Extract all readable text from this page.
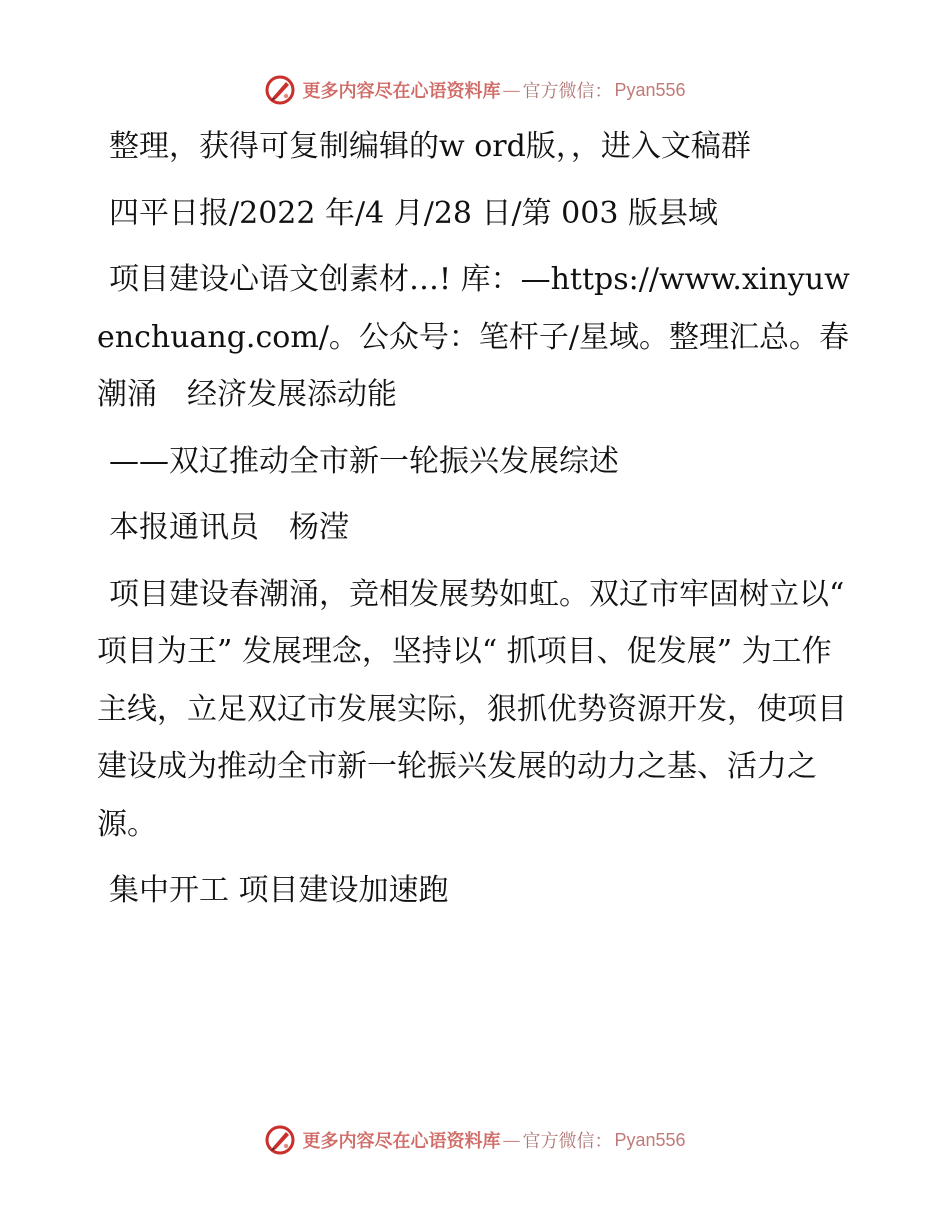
更多内容尽在心语资料库 — 官方微信： Pyan556

整理，获得可复制编辑的w ord版，，进入文稿群

四平日报/2022 年/4 月/28 日/第 003 版县域

项目建设心语文创素材…! 库：—https://www.xinyuwenchuang.com/。公众号：笔杆子/星域。整理汇总。春潮涌　经济发展添动能

——双辽推动全市新一轮振兴发展综述

本报通讯员　杨滢

项目建设春潮涌，竞相发展势如虹。双辽市牢固树立以“ 项目为王” 发展理念，坚持以“ 抓项目、促发展” 为工作主线，立足双辽市发展实际，狠抓优势资源开发，使项目建设成为推动全市新一轮振兴发展的动力之基、活力之源。

集中开工 项目建设加速跑

更多内容尽在心语资料库 — 官方微信： Pyan556
